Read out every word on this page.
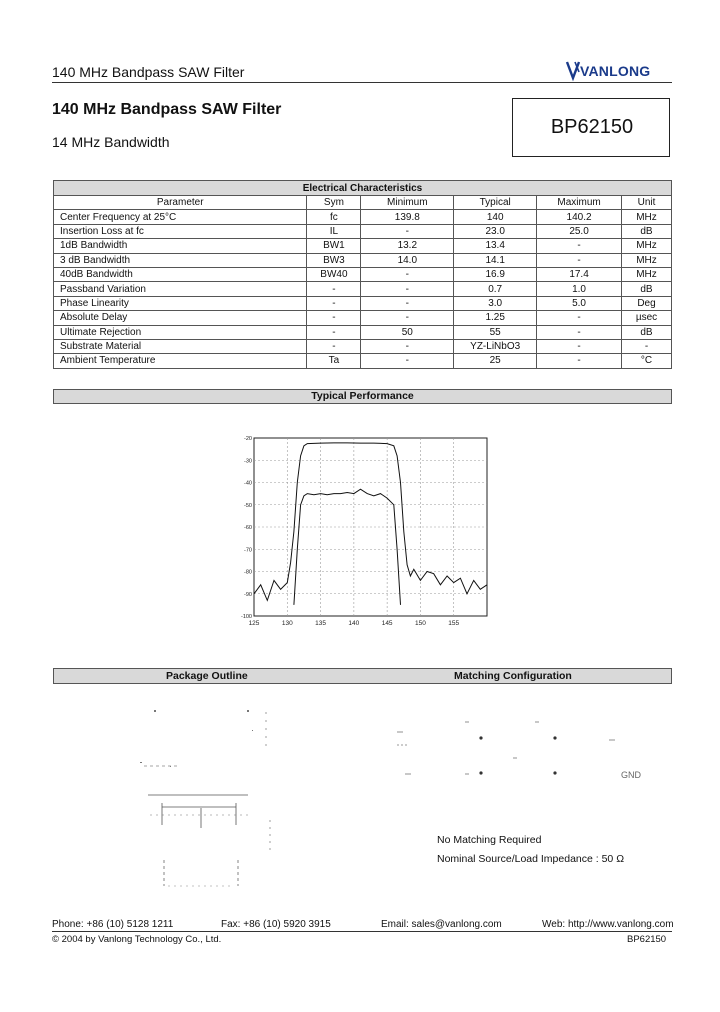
140 MHz Bandpass SAW Filter	VANLONG
140 MHz Bandpass SAW Filter
14 MHz Bandwidth
BP62150
Electrical Characteristics					
Parameter	Sym	Minimum	Typical	Maximum	Unit
Center Frequency at 25°C	fc	139.8	140	140.2	MHz
Insertion Loss at fc	IL	-	23.0	25.0	dB
1dB Bandwidth	BW1	13.2	13.4	-	MHz
3 dB Bandwidth	BW3	14.0	14.1	-	MHz
40dB Bandwidth	BW40	-	16.9	17.4	MHz
Passband Variation	-	-	0.7	1.0	dB
Phase Linearity	-	-	3.0	5.0	Deg
Absolute Delay	-	-	1.25	-	µsec
Ultimate Rejection	-	50	55	-	dB
Substrate Material	-	-	YZ-LiNbO3	-	-
Ambient Temperature	Ta	-	25	-	°C
Typical Performance
-20
-30
-40
-50
-60
-70
-80
-90
-100
125	130	135	140	145	150	155
Package Outline	Matching Configuration
GND
No Matching Required
Nominal Source/Load Impedance : 50 Ω
Phone: +86 (10) 5128 1211	Fax: +86 (10) 5920 3915	Email: sales@vanlong.com	Web: http://www.vanlong.com
© 2004 by Vanlong Technology Co., Ltd.	BP62150
